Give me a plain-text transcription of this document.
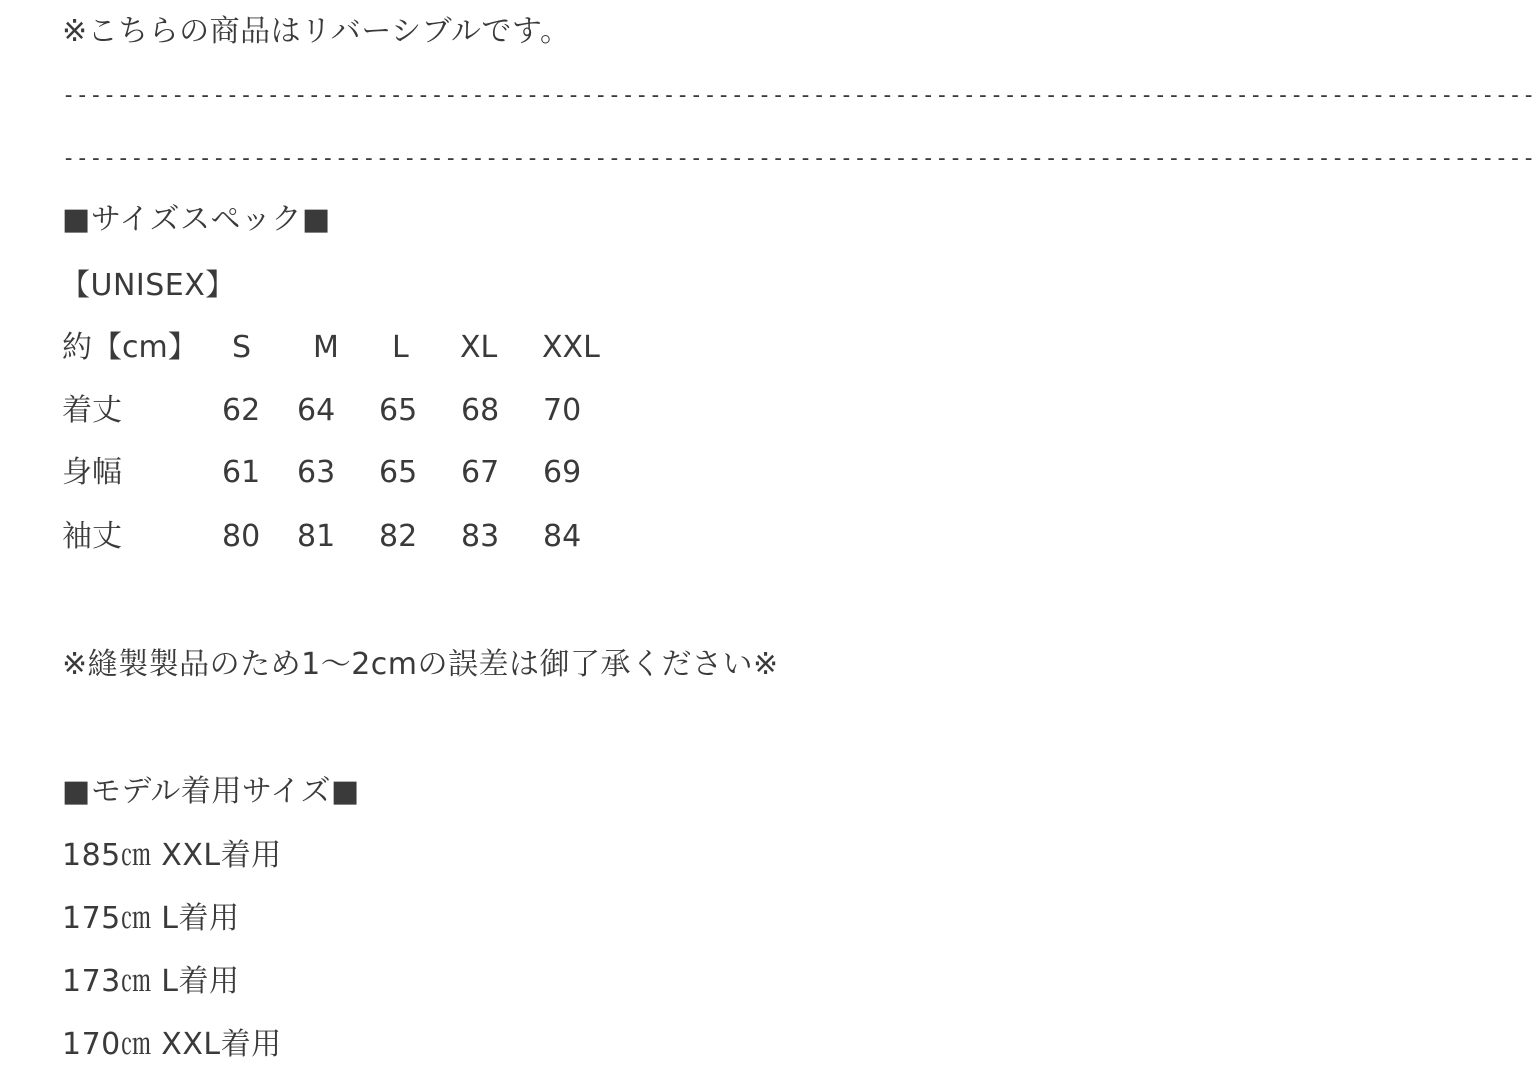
※こちらの商品はリバーシブルです。
------------------------------------------------------------------------------------------------------------
------------------------------------------------------------------------------------------------------------
■サイズスペック■
【UNISEX】
約【cm】 S M L XL XXL
着丈	62 64 65 68 70
身幅	61 63 65 67 69
袖丈	80 81 82 83 84
※縫製製品のため1〜2cmの誤差は御了承ください※
■モデル着用サイズ■
185㎝ XXL着用
175㎝ L着用
173㎝ L着用
170㎝ XXL着用
